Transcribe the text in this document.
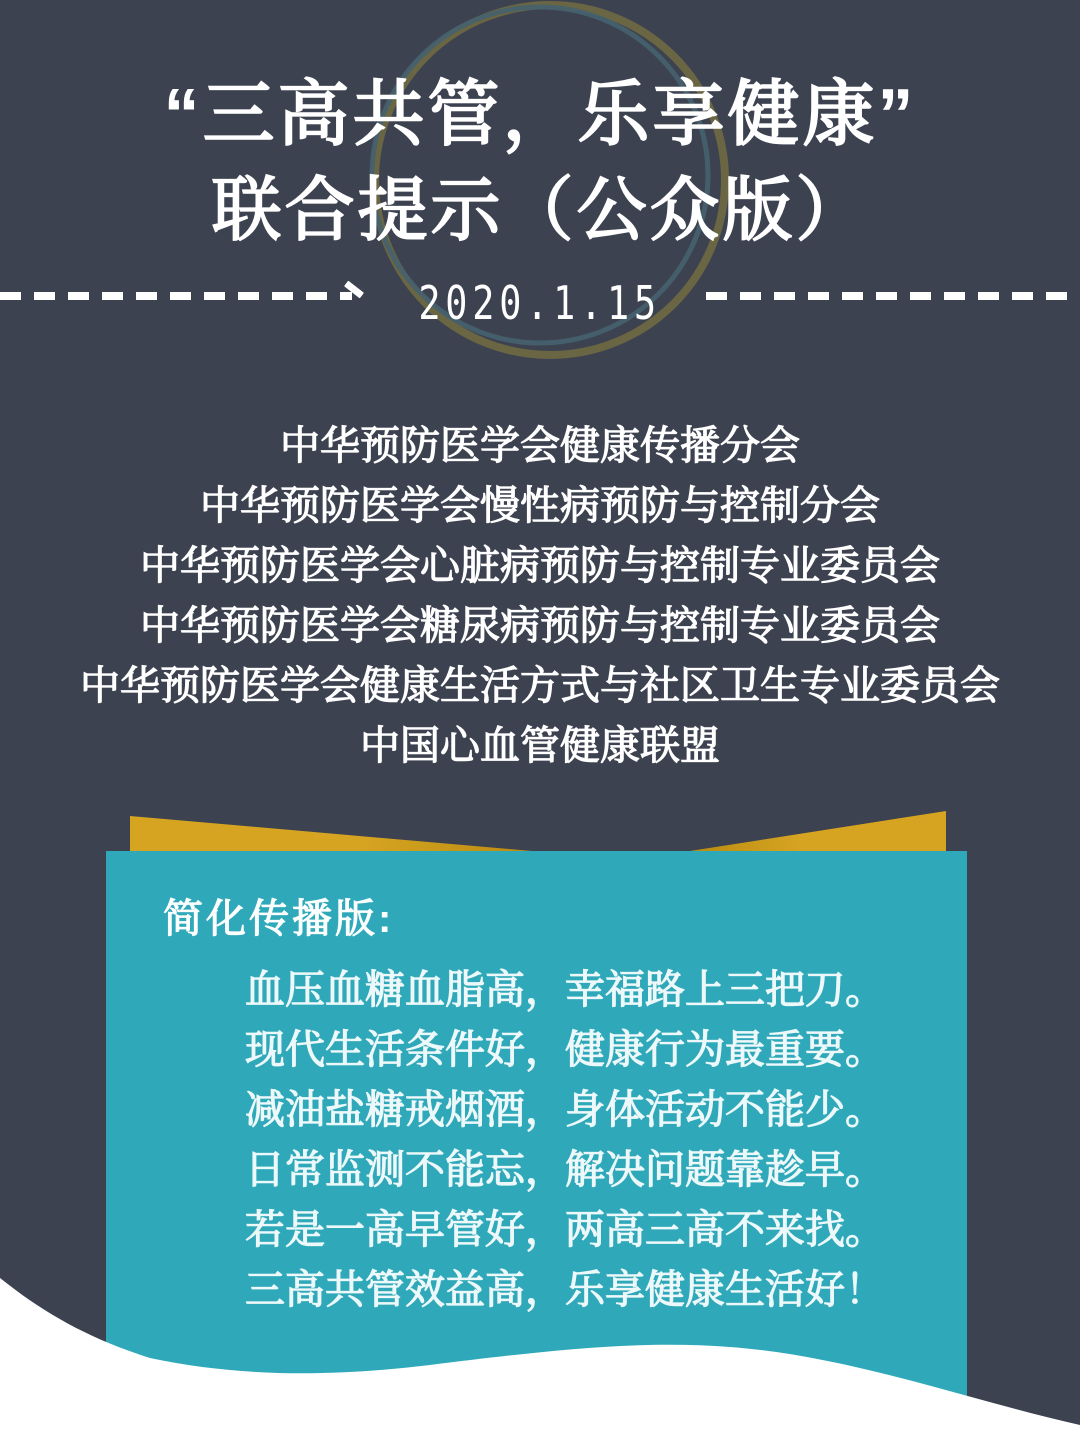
“三高共管，乐享健康”
联合提示（公众版）
2020.1.15
中华预防医学会健康传播分会
中华预防医学会慢性病预防与控制分会
中华预防医学会心脏病预防与控制专业委员会
中华预防医学会糖尿病预防与控制专业委员会
中华预防医学会健康生活方式与社区卫生专业委员会
中国心血管健康联盟
简化传播版:
血压血糖血脂高，幸福路上三把刀。
现代生活条件好，健康行为最重要。
减油盐糖戒烟酒，身体活动不能少。
日常监测不能忘，解决问题靠趁早。
若是一高早管好，两高三高不来找。
三高共管效益高，乐享健康生活好！
